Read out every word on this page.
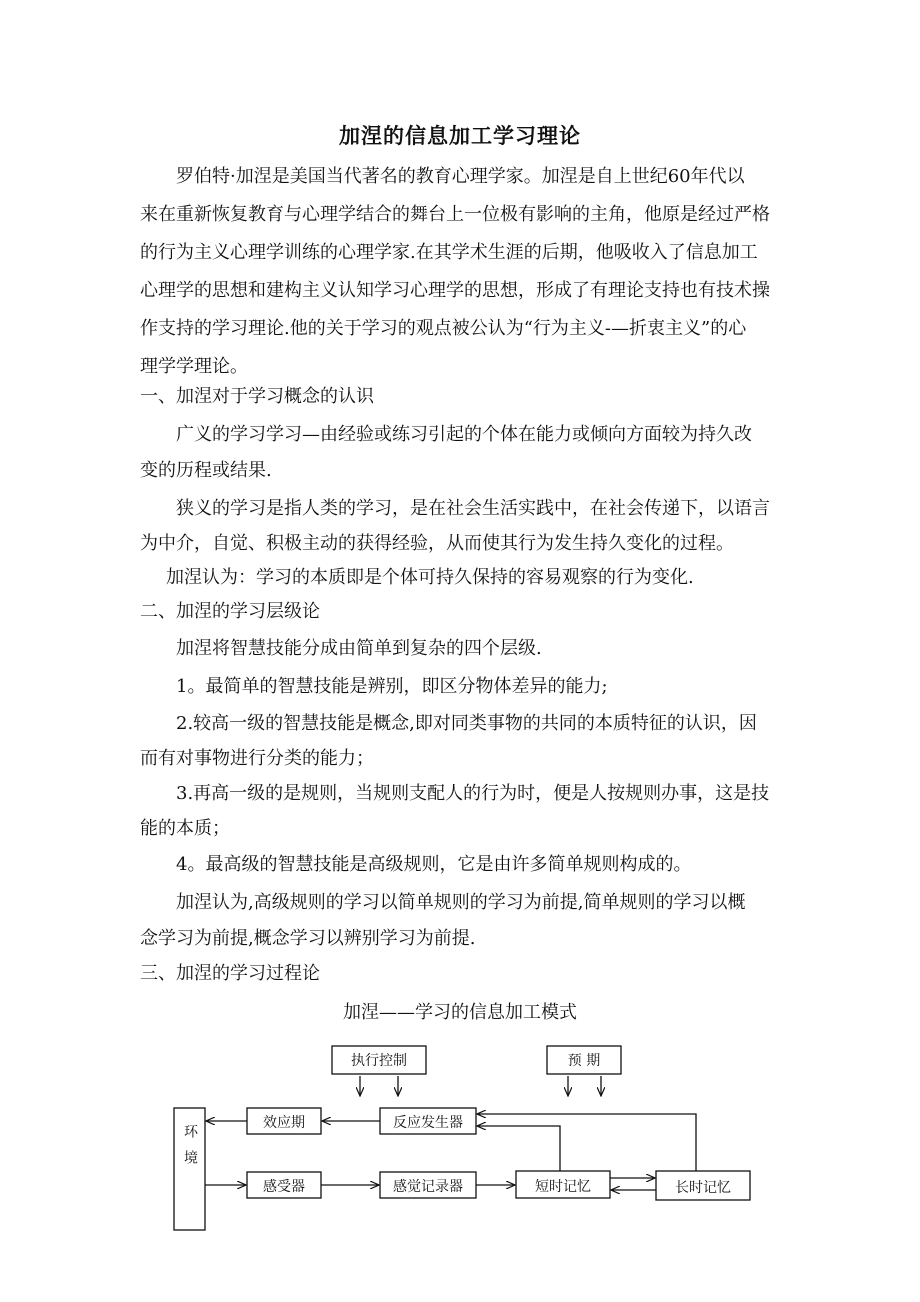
加涅的信息加工学习理论
罗伯特·加涅是美国当代著名的教育心理学家。加涅是自上世纪60年代以
来在重新恢复教育与心理学结合的舞台上一位极有影响的主角，他原是经过严格
的行为主义心理学训练的心理学家.在其学术生涯的后期，他吸收入了信息加工
心理学的思想和建构主义认知学习心理学的思想，形成了有理论支持也有技术操
作支持的学习理论.他的关于学习的观点被公认为“行为主义-—折衷主义”的心
理学学理论。
一、加涅对于学习概念的认识
广义的学习学习—由经验或练习引起的个体在能力或倾向方面较为持久改
变的历程或结果.
狭义的学习是指人类的学习，是在社会生活实践中，在社会传递下，以语言
为中介，自觉、积极主动的获得经验，从而使其行为发生持久变化的过程。
加涅认为：学习的本质即是个体可持久保持的容易观察的行为变化.
二、加涅的学习层级论
加涅将智慧技能分成由简单到复杂的四个层级.
1。最简单的智慧技能是辨别，即区分物体差异的能力;
2.较高一级的智慧技能是概念,即对同类事物的共同的本质特征的认识，因
而有对事物进行分类的能力；
3.再高一级的是规则，当规则支配人的行为时，便是人按规则办事，这是技
能的本质；
4。最高级的智慧技能是高级规则，它是由许多简单规则构成的。
加涅认为,高级规则的学习以简单规则的学习为前提,简单规则的学习以概
念学习为前提,概念学习以辨别学习为前提.
三、加涅的学习过程论
加涅——学习的信息加工模式
执行控制	预 期
环境
效应期	反应发生器
感受器	感觉记录器	短时记忆	长时记忆
